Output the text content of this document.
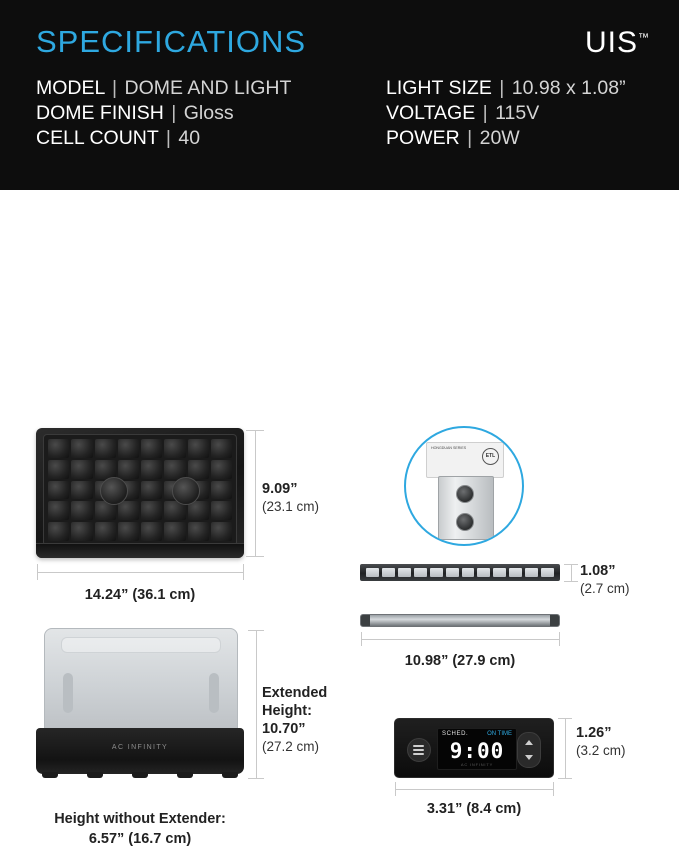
SPECIFICATIONS	UIS™
MODEL | DOME AND LIGHT
DOME FINISH | Gloss
CELL COUNT | 40
LIGHT SIZE | 10.98 x 1.08”
VOLTAGE | 115V
POWER | 20W
9.09”
(23.1 cm)
14.24” (36.1 cm)
AC INFINITY
Extended
Height:
10.70”
(27.2 cm)
Height without Extender:
6.57” (16.7 cm)
HONGDUAN SERIES
ETL
1.08”
(2.7 cm)
10.98” (27.9 cm)
SCHED.	ON TIME
9:00
AC INFINITY
1.26”
(3.2 cm)
3.31” (8.4 cm)
